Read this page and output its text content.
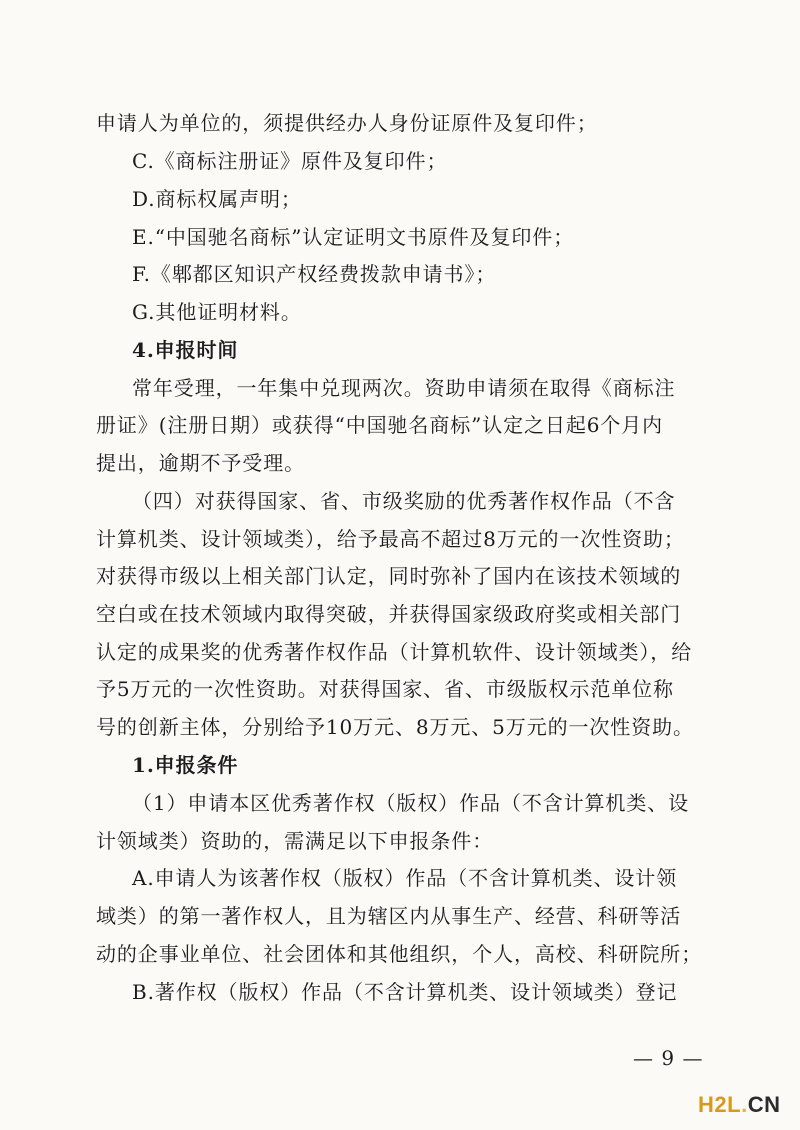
申请人为单位的，须提供经办人身份证原件及复印件；
C.《商标注册证》原件及复印件；
D.商标权属声明；
E.“中国驰名商标”认定证明文书原件及复印件；
F.《郫都区知识产权经费拨款申请书》；
G.其他证明材料。
4.申报时间
常年受理，一年集中兑现两次。资助申请须在取得《商标注
册证》(注册日期）或获得“中国驰名商标”认定之日起6个月内
提出，逾期不予受理。
（四）对获得国家、省、市级奖励的优秀著作权作品（不含
计算机类、设计领域类），给予最高不超过8万元的一次性资助；
对获得市级以上相关部门认定，同时弥补了国内在该技术领域的
空白或在技术领域内取得突破，并获得国家级政府奖或相关部门
认定的成果奖的优秀著作权作品（计算机软件、设计领域类），给
予5万元的一次性资助。对获得国家、省、市级版权示范单位称
号的创新主体，分别给予10万元、8万元、5万元的一次性资助。
1.申报条件
（1）申请本区优秀著作权（版权）作品（不含计算机类、设
计领域类）资助的，需满足以下申报条件：
A.申请人为该著作权（版权）作品（不含计算机类、设计领
域类）的第一著作权人，且为辖区内从事生产、经营、科研等活
动的企事业单位、社会团体和其他组织，个人，高校、科研院所；
B.著作权（版权）作品（不含计算机类、设计领域类）登记
— 9 —
H2L.CN
